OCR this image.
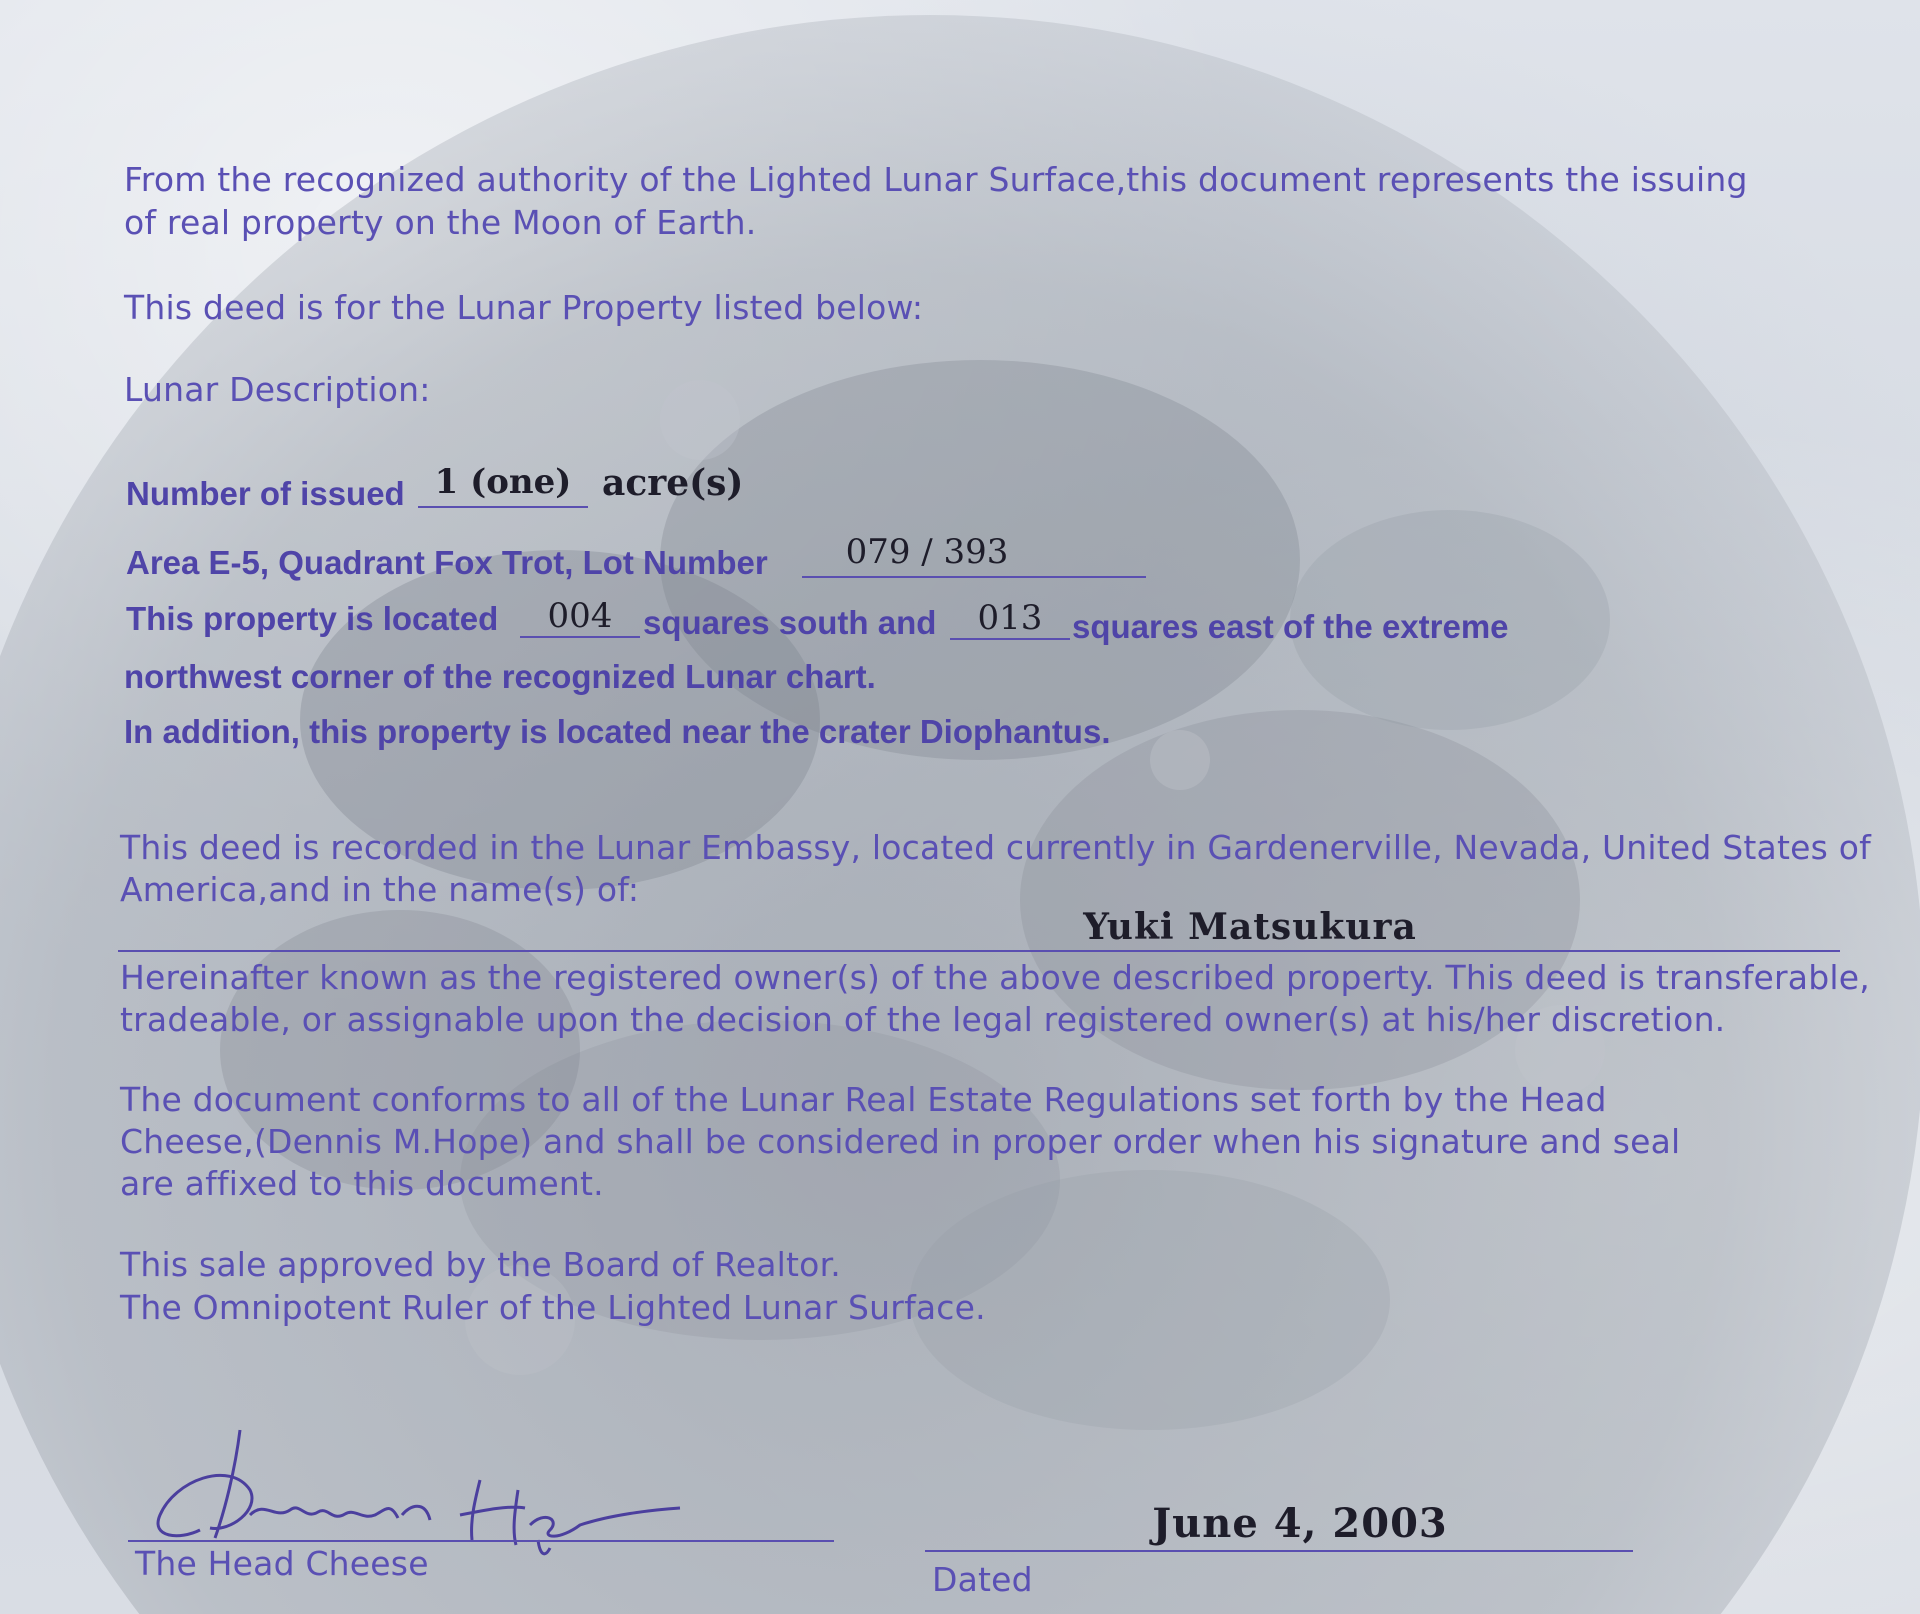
From the recognized authority of the Lighted Lunar Surface,this document represents the issuing
of real property on the Moon of Earth.
This deed is for the Lunar Property listed below:
Lunar Description:
Number of issued 1 (one) acre(s)
Area E-5, Quadrant Fox Trot, Lot Number	079 / 393
This property is located	004 squares south and	013 squares east of the extreme
northwest corner of the recognized Lunar chart.
In addition, this property is located near the crater Diophantus.
This deed is recorded in the Lunar Embassy, located currently in Gardenerville, Nevada, United States of
America,and in the name(s) of:
Yuki Matsukura
Hereinafter known as the registered owner(s) of the above described property. This deed is transferable,
tradeable, or assignable upon the decision of the legal registered owner(s) at his/her discretion.
The document conforms to all of the Lunar Real Estate Regulations set forth by the Head
Cheese,(Dennis M.Hope) and shall be considered in proper order when his signature and seal
are affixed to this document.
This sale approved by the Board of Realtor.
The Omnipotent Ruler of the Lighted Lunar Surface.
The Head Cheese
June 4, 2003
Dated
